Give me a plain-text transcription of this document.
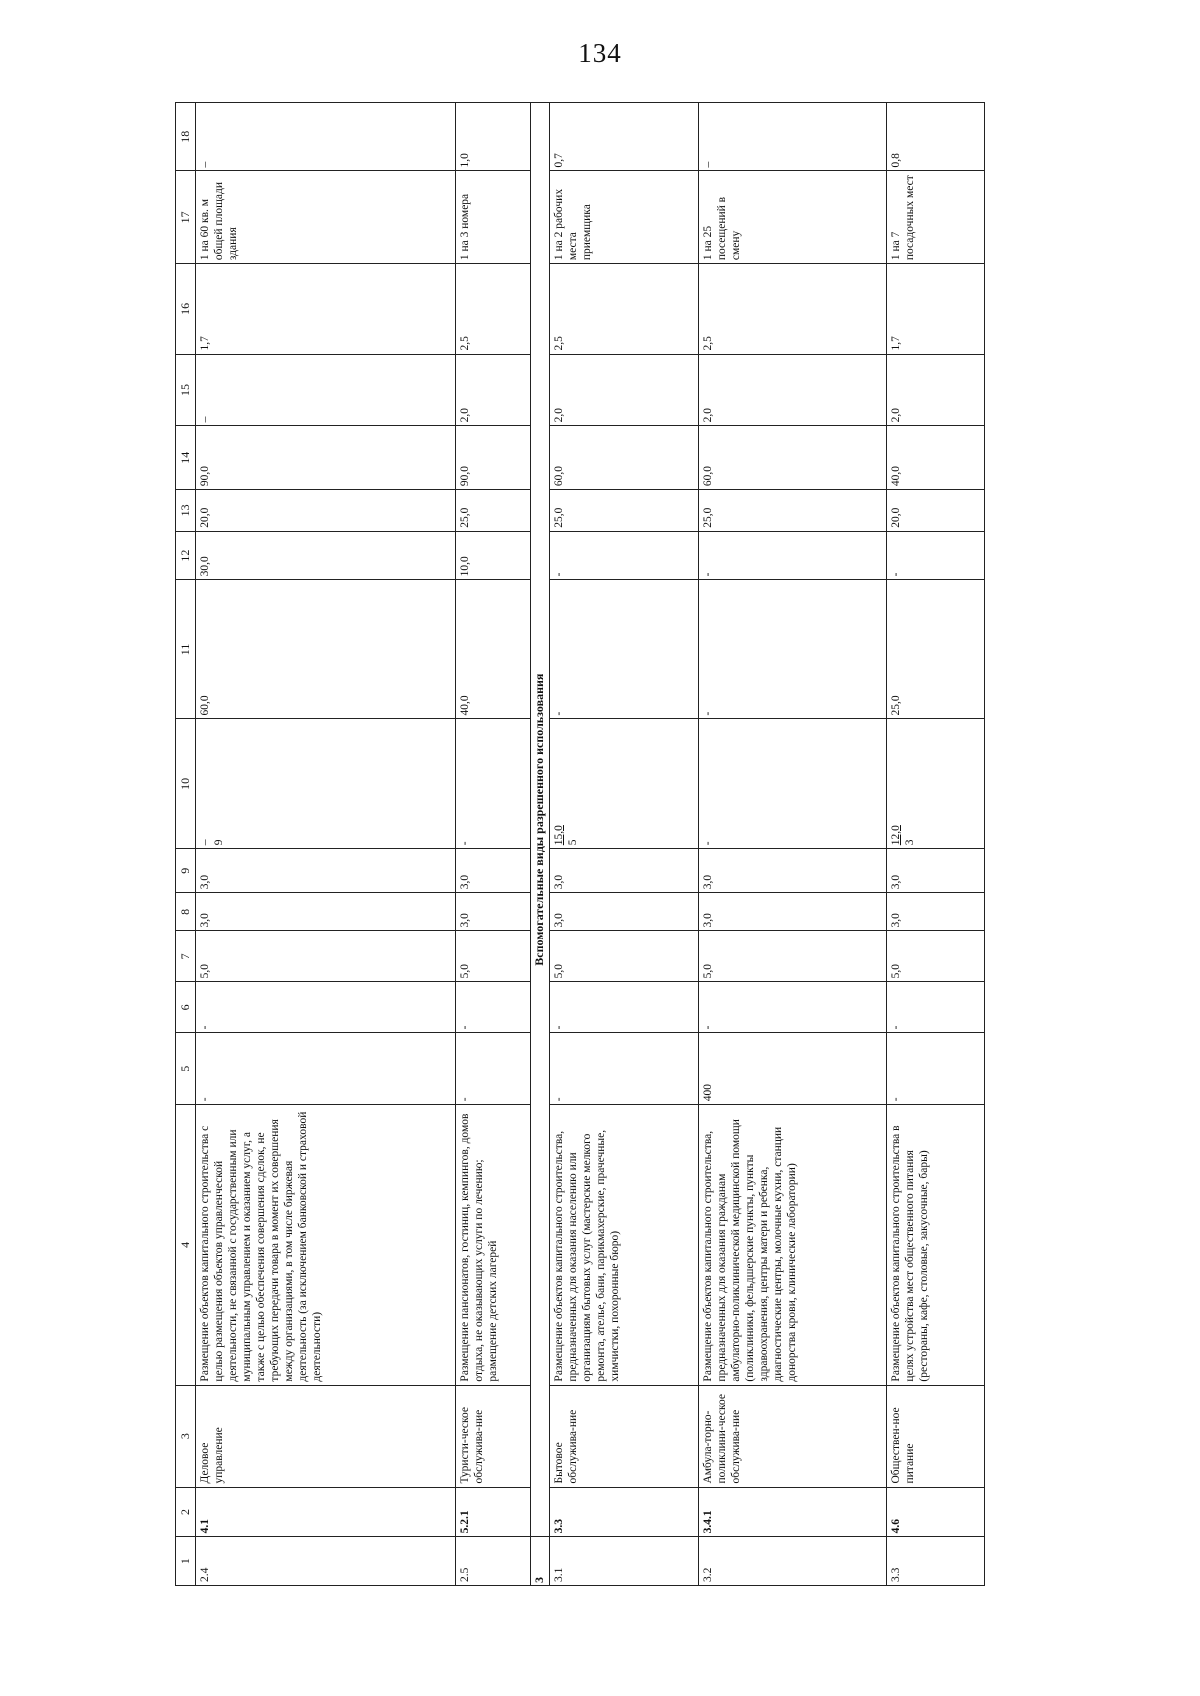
134
1	2	3	4	5	6	7	8	9	10	11	12	13	14	15	16	17	18
2.4	4.1	Деловое управление	Размещение объектов капитального строительства с целью размещения объектов управленческой деятельности, не связанной с государственным или муниципальным управлением и оказанием услуг, а также с целью обеспечения совершения сделок, не требующих передачи товара в момент их совершения между организациями, в том числе биржевая деятельность (за исключением банковской и страховой деятельности)	-	-	5,0	3,0	3,0	– 9	60,0	30,0	20,0	90,0	–	1,7	1 на 60 кв. м общей площади здания	–
2.5	5.2.1	Туристи-ческое обслужива-ние	Размещение пансионатов, гостиниц, кемпингов, домов отдыха, не оказывающих услуги по лечению; размещение детских лагерей	-	-	5,0	3,0	3,0	-	40,0	10,0	25,0	90,0	2,0	2,5	1 на 3 номера	1,0
3	Вспомогательные виды разрешенного использования																
3.1	3.3	Бытовое обслужива-ние	Размещение объектов капитального строительства, предназначенных для оказания населению или организациям бытовых услуг (мастерские мелкого ремонта, ателье, бани, парикмахерские, прачечные, химчистки, похоронные бюро)	-	-	5,0	3,0	3,0	15,0 5	-	-	25,0	60,0	2,0	2,5	1 на 2 рабочих места приемщика	0,7
3.2	3.4.1	Амбула-торно-поликлини-ческое обслужива-ние	Размещение объектов капитального строительства, предназначенных для оказания гражданам амбулаторно-поликлинической медицинской помощи (поликлиники, фельдшерские пункты, пункты здравоохранения, центры матери и ребенка, диагностические центры, молочные кухни, станции донорства крови, клинические лаборатории)	400	-	5,0	3,0	3,0	-	-	-	25,0	60,0	2,0	2,5	1 на 25 посещений в смену	–
3.3	4.6	Обществен-ное питание	Размещение объектов капитального строительства в целях устройства мест общественного питания (рестораны, кафе, столовые, закусочные, бары)	-	-	5,0	3,0	3,0	12,0 3	25,0	-	20,0	40,0	2,0	1,7	1 на 7 посадочных мест	0,8
